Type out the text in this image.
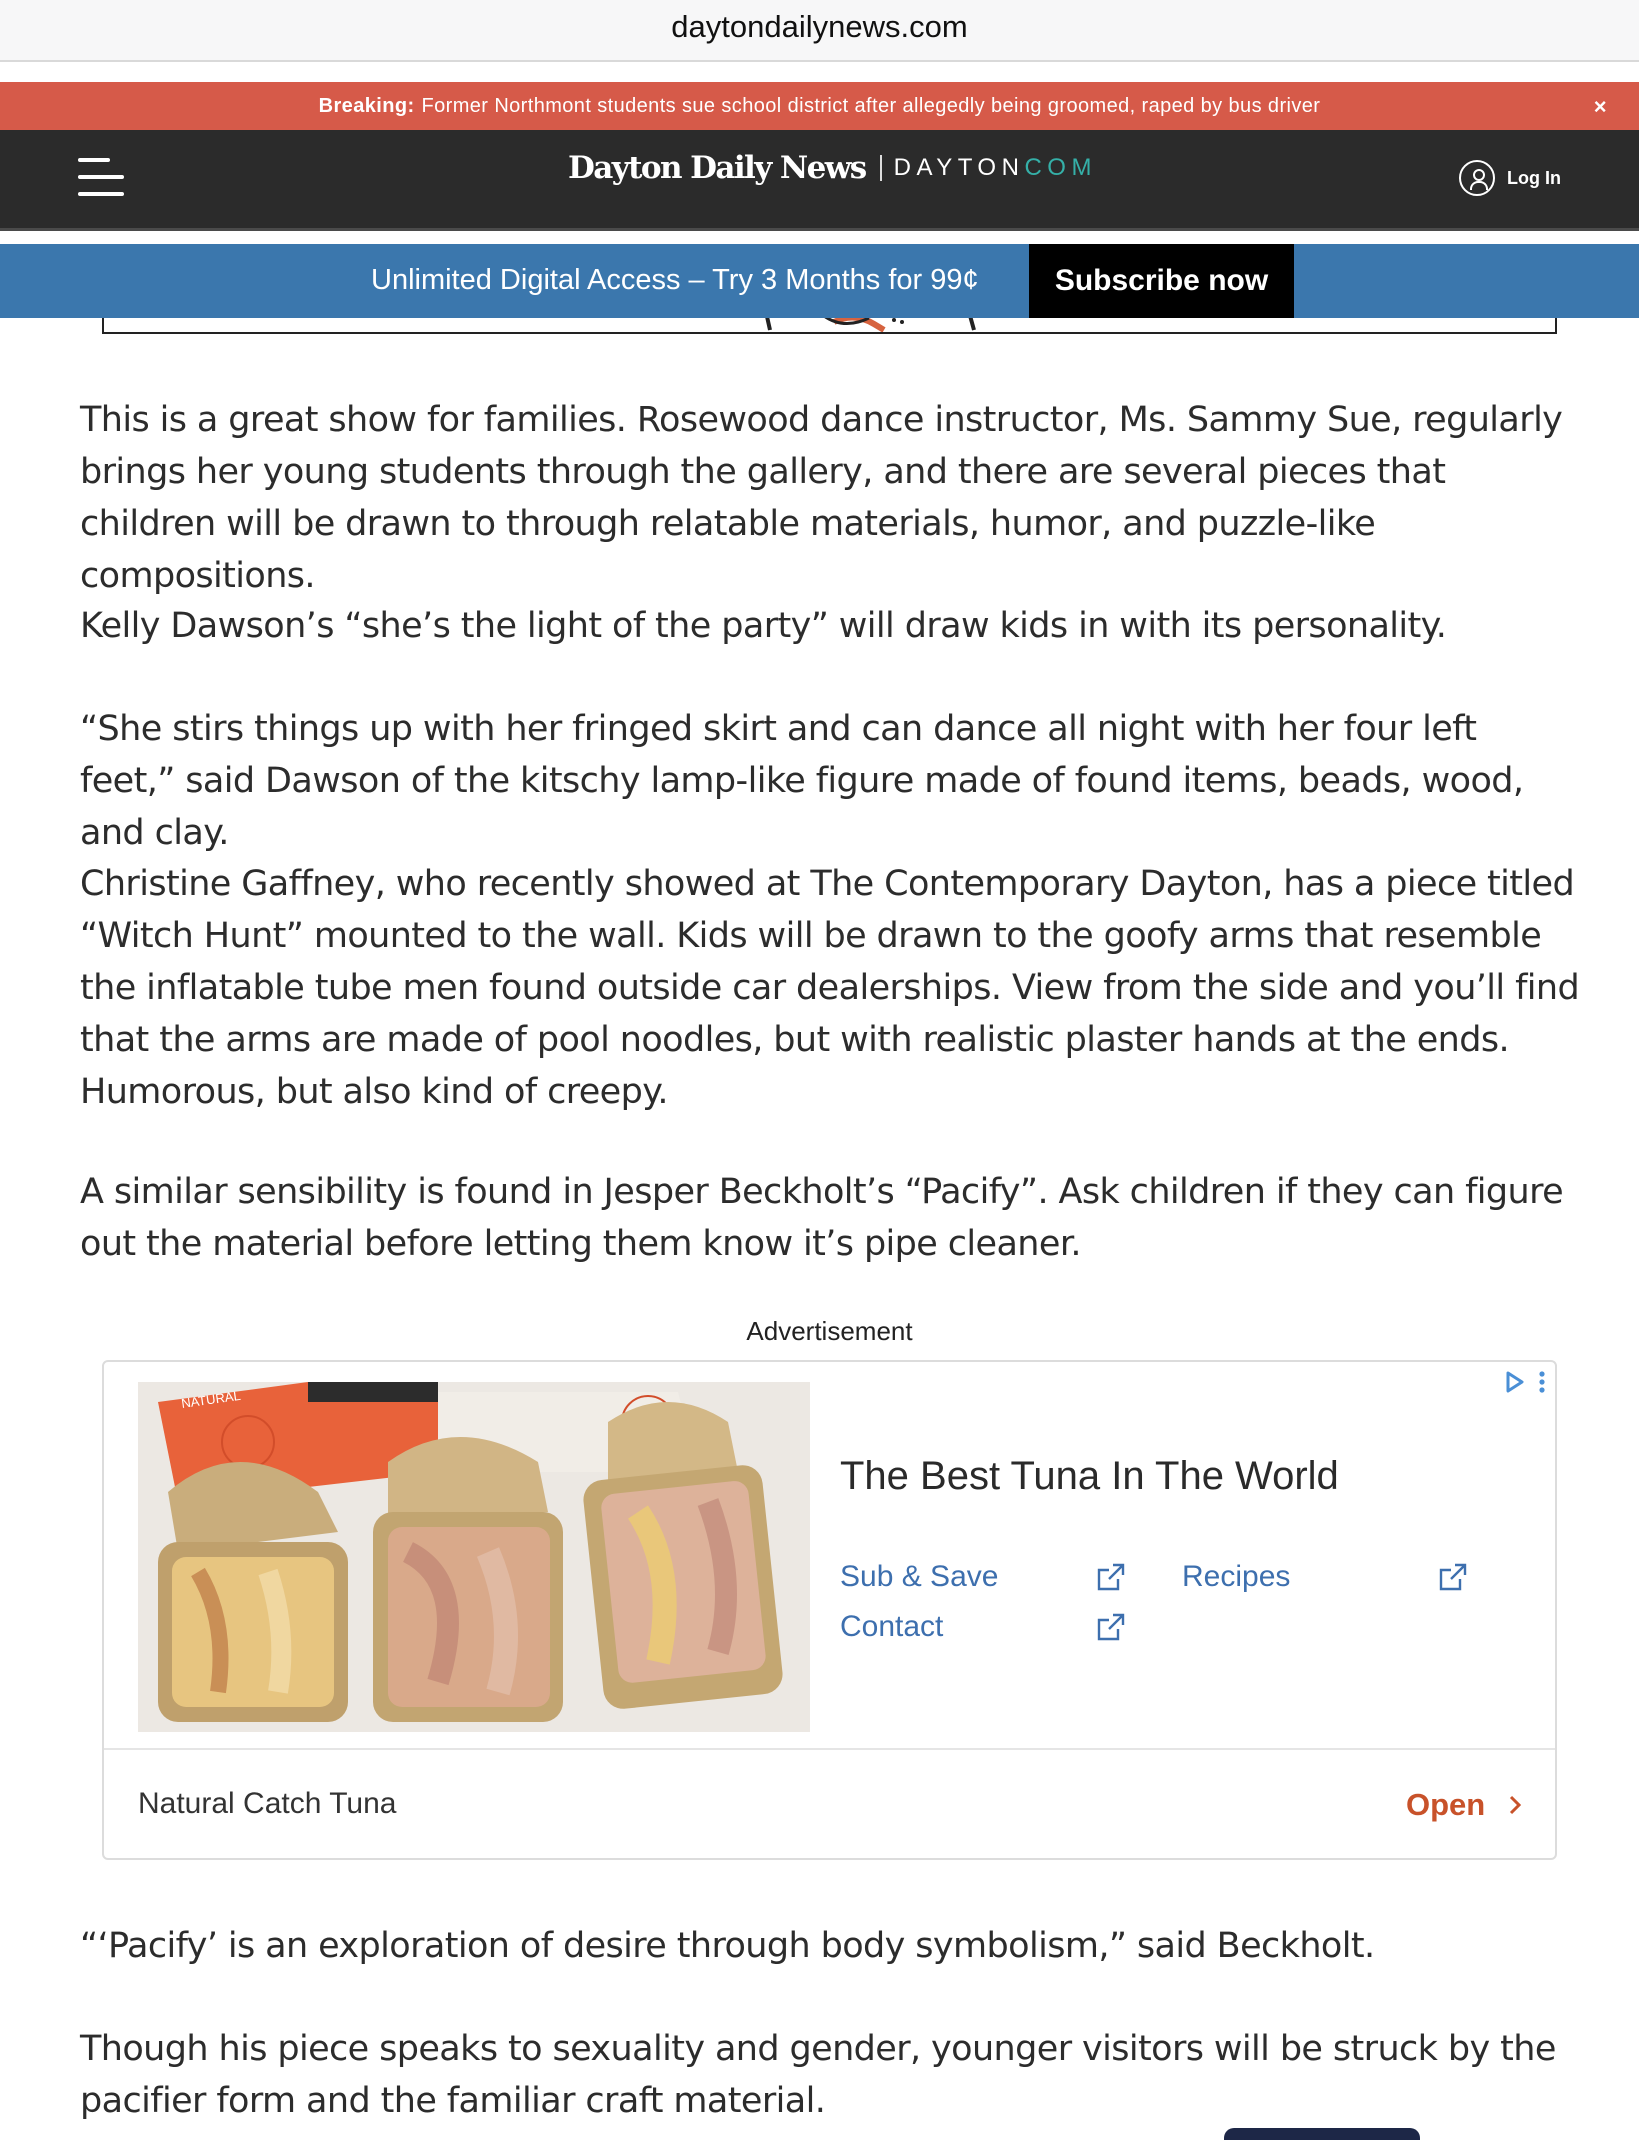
daytondailynews.com
Breaking: Former Northmont students sue school district after allegedly being groomed, raped by bus driver	×
Dayton Daily News DAYTON COM	Log In
Unlimited Digital Access – Try 3 Months for 99¢	Subscribe now

This is a great show for families. Rosewood dance instructor, Ms. Sammy Sue, regularly brings her young students through the gallery, and there are several pieces that children will be drawn to through relatable materials, humor, and puzzle-like compositions.

Kelly Dawson’s “she’s the light of the party” will draw kids in with its personality.

“She stirs things up with her fringed skirt and can dance all night with her four left feet,” said Dawson of the kitschy lamp-like figure made of found items, beads, wood, and clay.

Christine Gaffney, who recently showed at The Contemporary Dayton, has a piece titled “Witch Hunt” mounted to the wall. Kids will be drawn to the goofy arms that resemble the inflatable tube men found outside car dealerships. View from the side and you’ll find that the arms are made of pool noodles, but with realistic plaster hands at the ends. Humorous, but also kind of creepy.

A similar sensibility is found in Jesper Beckholt’s “Pacify”. Ask children if they can figure out the material before letting them know it’s pipe cleaner.

“‘Pacify’ is an exploration of desire through body symbolism,” said Beckholt.

Though his piece speaks to sexuality and gender, younger visitors will be struck by the pacifier form and the familiar craft material.

Advertisement
NATURAL
The Best Tuna In The World
Sub & Save	Recipes
Contact
Natural Catch Tuna	Open
